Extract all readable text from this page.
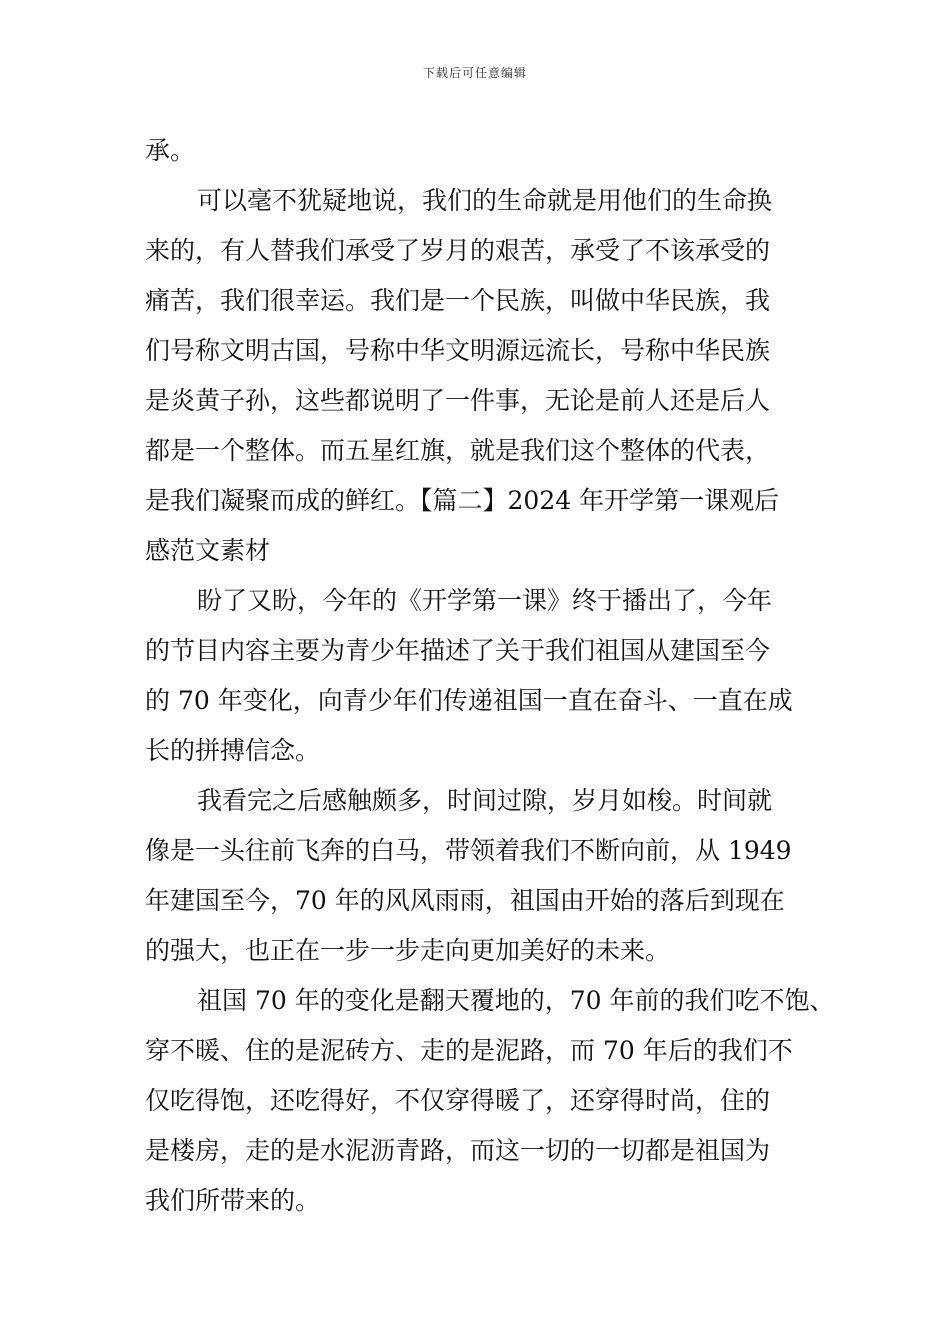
下载后可任意编辑
承。
可以毫不犹疑地说，我们的生命就是用他们的生命换
来的，有人替我们承受了岁月的艰苦，承受了不该承受的
痛苦，我们很幸运。我们是一个民族，叫做中华民族，我
们号称文明古国，号称中华文明源远流长，号称中华民族
是炎黄子孙，这些都说明了一件事，无论是前人还是后人
都是一个整体。而五星红旗，就是我们这个整体的代表，
是我们凝聚而成的鲜红。【篇二】2024 年开学第一课观后
感范文素材
盼了又盼，今年的《开学第一课》终于播出了，今年
的节目内容主要为青少年描述了关于我们祖国从建国至今
的 70 年变化，向青少年们传递祖国一直在奋斗、一直在成
长的拼搏信念。
我看完之后感触颇多，时间过隙，岁月如梭。时间就
像是一头往前飞奔的白马，带领着我们不断向前，从 1949
年建国至今，70 年的风风雨雨，祖国由开始的落后到现在
的强大，也正在一步一步走向更加美好的未来。
祖国 70 年的变化是翻天覆地的，70 年前的我们吃不饱、
穿不暖、住的是泥砖方、走的是泥路，而 70 年后的我们不
仅吃得饱，还吃得好，不仅穿得暖了，还穿得时尚，住的
是楼房，走的是水泥沥青路，而这一切的一切都是祖国为
我们所带来的。
